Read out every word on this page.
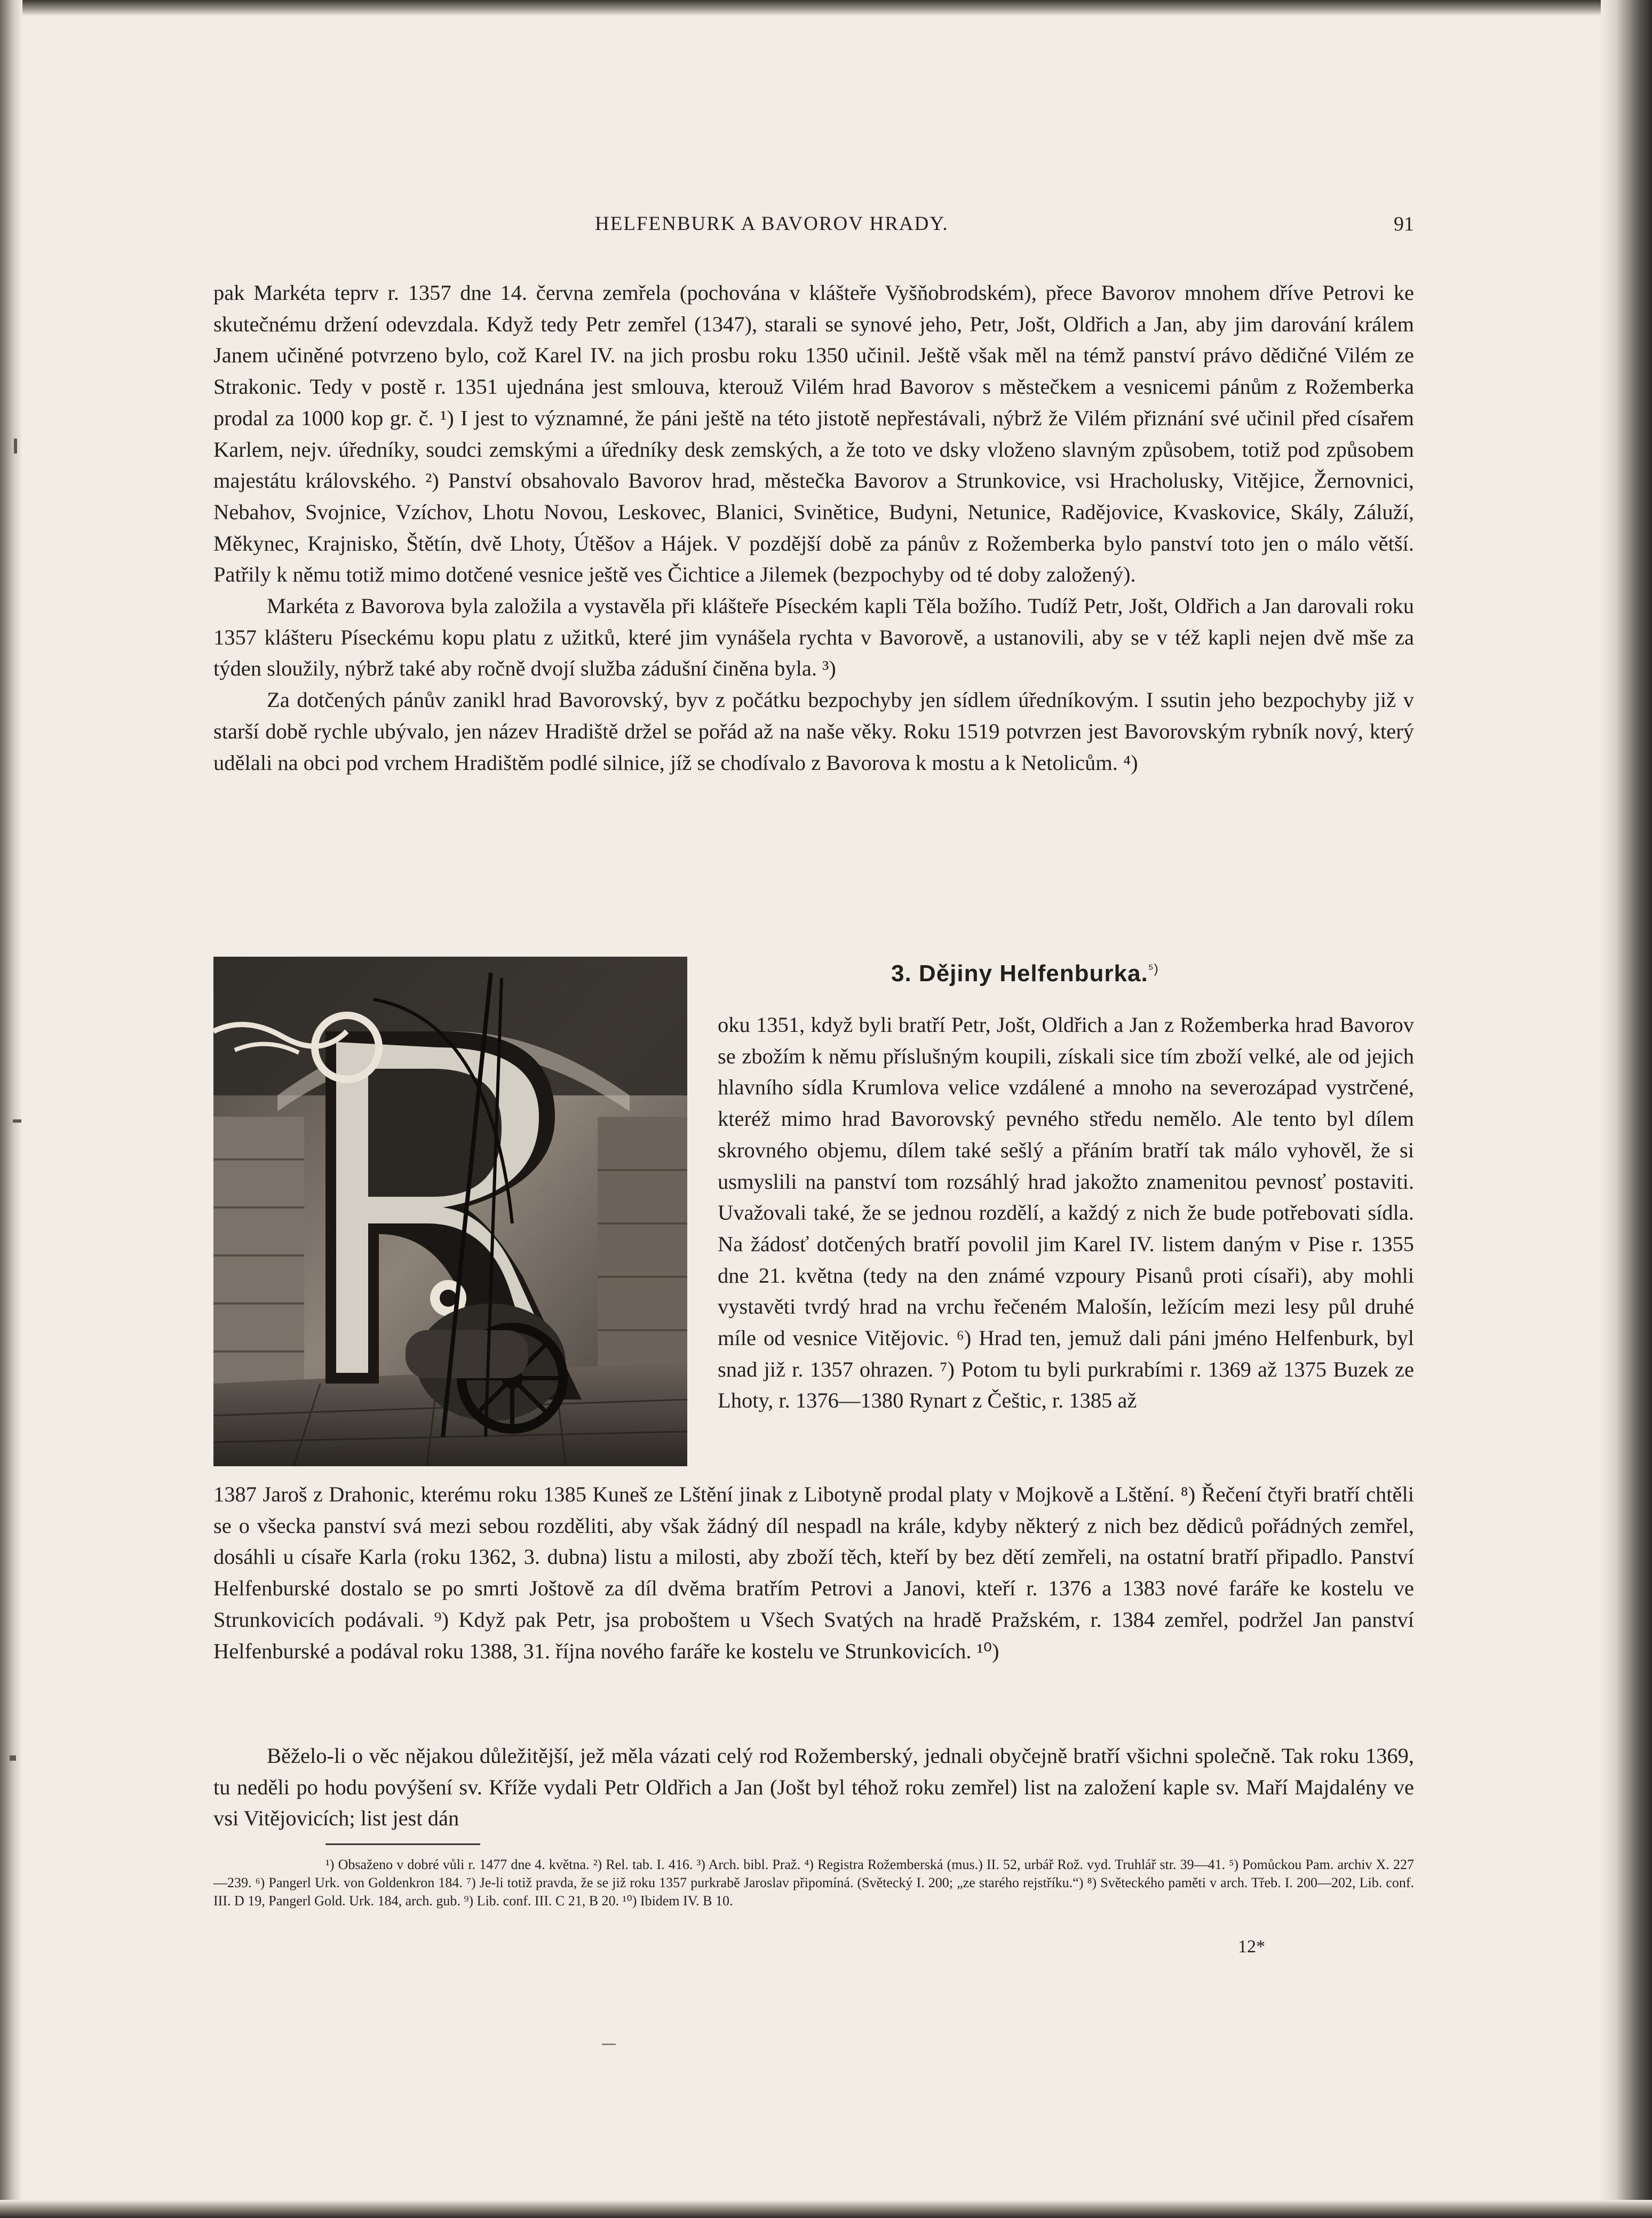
HELFENBURK A BAVOROV HRADY.	91

pak Markéta teprv r. 1357 dne 14. června zemřela (pochována v klášteře Vyšňobrodském), přece Bavorov mnohem dříve Petrovi ke skutečnému držení odevzdala. Když tedy Petr zemřel (1347), starali se synové jeho, Petr, Jošt, Oldřich a Jan, aby jim darování králem Janem učiněné potvrzeno bylo, což Karel IV. na jich prosbu roku 1350 učinil. Ještě však měl na témž panství právo dědičné Vilém ze Strakonic. Tedy v postě r. 1351 ujednána jest smlouva, kterouž Vilém hrad Bavorov s městečkem a vesnicemi pánům z Rožemberka prodal za 1000 kop gr. č. ¹) I jest to významné, že páni ještě na této jistotě nepřestávali, nýbrž že Vilém přiznání své učinil před císařem Karlem, nejv. úředníky, soudci zemskými a úředníky desk zemských, a že toto ve dsky vloženo slavným způsobem, totiž pod způsobem majestátu královského. ²) Panství obsahovalo Bavorov hrad, městečka Bavorov a Strunkovice, vsi Hracholusky, Vitějice, Žernovnici, Nebahov, Svojnice, Vzíchov, Lhotu Novou, Leskovec, Blanici, Svinětice, Budyni, Netunice, Radějovice, Kvaskovice, Skály, Záluží, Měkynec, Krajnisko, Štětín, dvě Lhoty, Útěšov a Hájek. V pozdější době za pánův z Rožemberka bylo panství toto jen o málo větší. Patřily k němu totiž mimo dotčené vesnice ještě ves Čichtice a Jilemek (bezpochyby od té doby založený).

Markéta z Bavorova byla založila a vystavěla při klášteře Píseckém kapli Těla božího. Tudíž Petr, Jošt, Oldřich a Jan darovali roku 1357 klášteru Píseckému kopu platu z užitků, které jim vynášela rychta v Bavorově, a ustanovili, aby se v též kapli nejen dvě mše za týden sloužily, nýbrž také aby ročně dvojí služba zádušní činěna byla. ³)

Za dotčených pánův zanikl hrad Bavorovský, byv z počátku bezpochyby jen sídlem úředníkovým. I ssutin jeho bezpochyby již v starší době rychle ubývalo, jen název Hradiště držel se pořád až na naše věky. Roku 1519 potvrzen jest Bavorovským rybník nový, který udělali na obci pod vrchem Hradištěm podlé silnice, jíž se chodívalo z Bavorova k mostu a k Netolicům. ⁴)

3. Dějiny Helfenburka.$^{^5)}$

oku 1351, když byli bratří Petr, Jošt, Oldřich a Jan z Rožemberka hrad Bavorov se zbožím k němu příslušným koupili, získali sice tím zboží velké, ale od jejich hlavního sídla Krumlova velice vzdálené a mnoho na severozápad vystrčené, kteréž mimo hrad Bavorovský pevného středu nemělo. Ale tento byl dílem skrovného objemu, dílem také sešlý a přáním bratří tak málo vyhověl, že si usmyslili na panství tom rozsáhlý hrad jakožto znamenitou pevnosť postaviti. Uvažovali také, že se jednou rozdělí, a každý z nich že bude potřebovati sídla. Na žádosť dotčených bratří povolil jim Karel IV. listem daným v Pise r. 1355 dne 21. května (tedy na den známé vzpoury Pisanů proti císaři), aby mohli vystavěti tvrdý hrad na vrchu řečeném Malošín, ležícím mezi lesy půl druhé míle od vesnice Vitějovic. ⁶) Hrad ten, jemuž dali páni jméno Helfenburk, byl snad již r. 1357 ohrazen. ⁷) Potom tu byli purkrabími r. 1369 až 1375 Buzek ze Lhoty, r. 1376—1380 Rynart z Češtic, r. 1385 až

1387 Jaroš z Drahonic, kterému roku 1385 Kuneš ze Lštění jinak z Libotyně prodal platy v Mojkově a Lštění. ⁸) Řečení čtyři bratří chtěli se o všecka panství svá mezi sebou rozděliti, aby však žádný díl nespadl na krále, kdyby některý z nich bez dědiců pořádných zemřel, dosáhli u císaře Karla (roku 1362, 3. dubna) listu a milosti, aby zboží těch, kteří by bez dětí zemřeli, na ostatní bratří připadlo. Panství Helfenburské dostalo se po smrti Joštově za díl dvěma bratřím Petrovi a Janovi, kteří r. 1376 a 1383 nové faráře ke kostelu ve Strunkovicích podávali. ⁹) Když pak Petr, jsa proboštem u Všech Svatých na hradě Pražském, r. 1384 zemřel, podržel Jan panství Helfenburské a podával roku 1388, 31. října nového faráře ke kostelu ve Strunkovicích. ¹⁰)

Běželo-li o věc nějakou důležitější, jež měla vázati celý rod Rožemberský, jednali obyčejně bratří všichni společně. Tak roku 1369, tu neděli po hodu povýšení sv. Kříže vydali Petr Oldřich a Jan (Jošt byl téhož roku zemřel) list na založení kaple sv. Maří Majdalény ve vsi Vitějovicích; list jest dán

¹) Obsaženo v dobré vůli r. 1477 dne 4. května. ²) Rel. tab. I. 416. ³) Arch. bibl. Praž. ⁴) Registra Rožemberská (mus.) II. 52, urbář Rož. vyd. Truhlář str. 39—41. ⁵) Pomůckou Pam. archiv X. 227—239. ⁶) Pangerl Urk. von Goldenkron 184. ⁷) Je-li totiž pravda, že se již roku 1357 purkrabě Jaroslav připomíná. (Světecký I. 200; „ze starého rejstříku.“) ⁸) Světeckého paměti v arch. Třeb. I. 200—202, Lib. conf. III. D 19, Pangerl Gold. Urk. 184, arch. gub. ⁹) Lib. conf. III. C 21, B 20. ¹⁰) Ibidem IV. B 10.

12*
